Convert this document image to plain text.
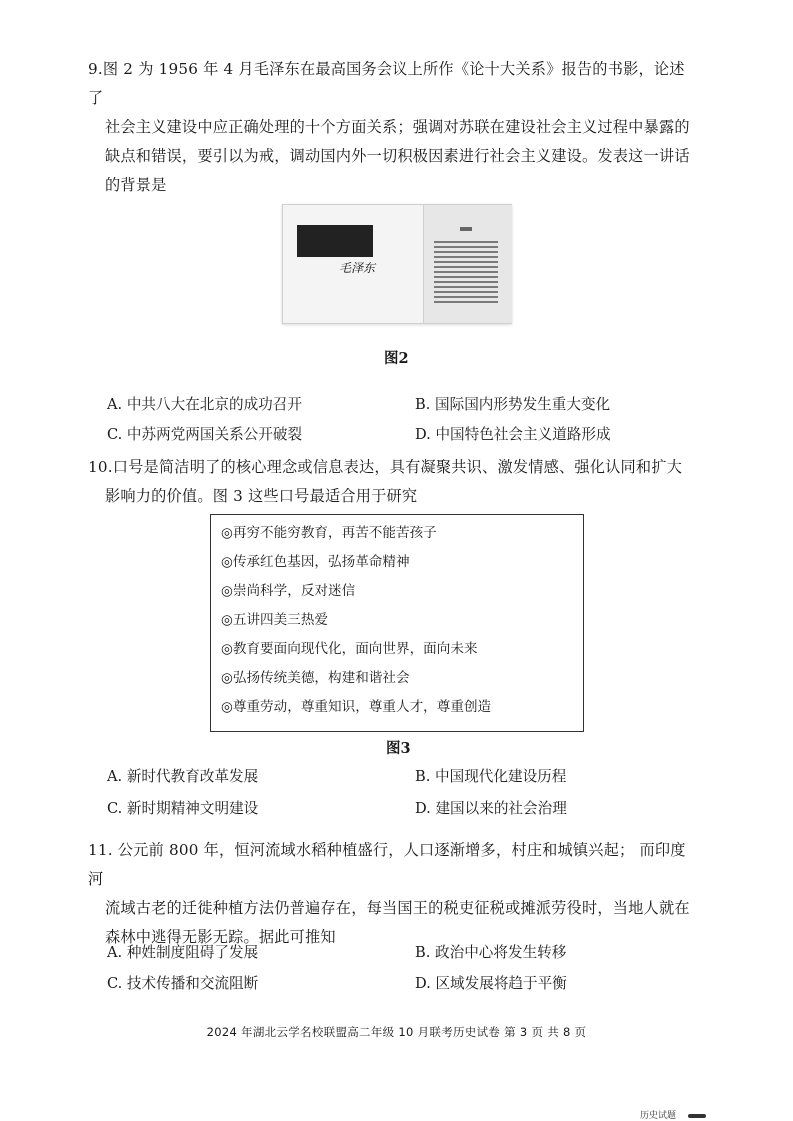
9.图 2 为 1956 年 4 月毛泽东在最高国务会议上所作《论十大关系》报告的书影，论述了
社会主义建设中应正确处理的十个方面关系；强调对苏联在建设社会主义过程中暴露的
缺点和错误，要引以为戒，调动国内外一切积极因素进行社会主义建设。发表这一讲话
的背景是
毛泽东
图2
A. 中共八大在北京的成功召开	B. 国际国内形势发生重大变化
C. 中苏两党两国关系公开破裂	D. 中国特色社会主义道路形成
10.口号是简洁明了的核心理念或信息表达，具有凝聚共识、激发情感、强化认同和扩大
影响力的价值。图 3 这些口号最适合用于研究
◎再穷不能穷教育，再苦不能苦孩子
◎传承红色基因，弘扬革命精神
◎崇尚科学，反对迷信
◎五讲四美三热爱
◎教育要面向现代化，面向世界，面向未来
◎弘扬传统美德，构建和谐社会
◎尊重劳动，尊重知识，尊重人才，尊重创造
图3
A. 新时代教育改革发展	B. 中国现代化建设历程
C. 新时期精神文明建设	D. 建国以来的社会治理
11. 公元前 800 年，恒河流域水稻种植盛行，人口逐渐增多，村庄和城镇兴起； 而印度河
流域古老的迁徙种植方法仍普遍存在，每当国王的税吏征税或摊派劳役时，当地人就在
森林中逃得无影无踪。据此可推知
A. 种姓制度阻碍了发展	B. 政治中心将发生转移
C. 技术传播和交流阻断	D. 区域发展将趋于平衡
2024 年湖北云学名校联盟高二年级 10 月联考历史试卷 第 3 页 共 8 页
历史试题
